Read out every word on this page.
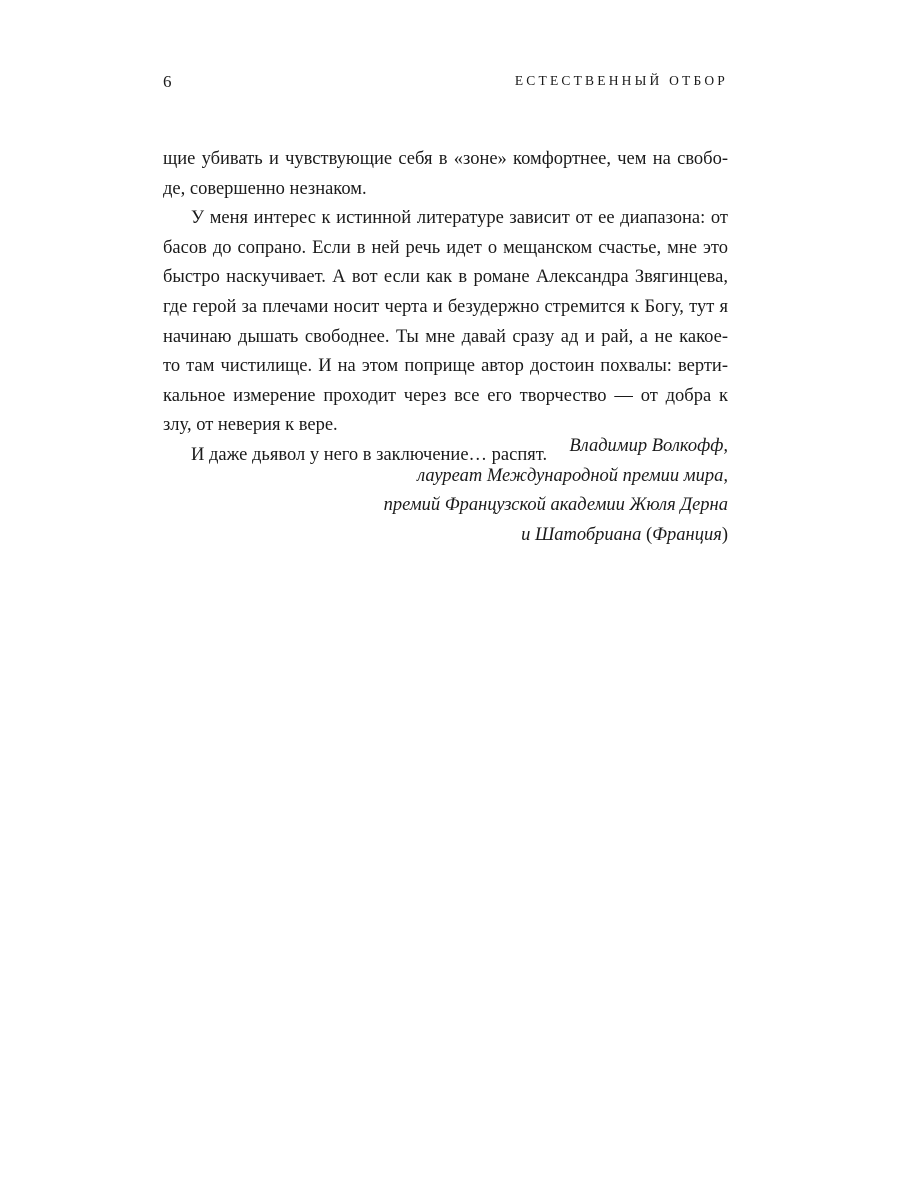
6	ЕСТЕСТВЕННЫЙ ОТБОР
щие убивать и чувствующие себя в «зоне» комфортнее, чем на свобо-
де, совершенно незнаком.
У меня интерес к истинной литературе зависит от ее диапазона: от
басов до сопрано. Если в ней речь идет о мещанском счастье, мне это
быстро наскучивает. А вот если как в романе Александра Звягинцева,
где герой за плечами носит черта и безудержно стремится к Богу, тут я
начинаю дышать свободнее. Ты мне давай сразу ад и рай, а не какое-
то там чистилище. И на этом поприще автор достоин похвалы: верти-
кальное измерение проходит через все его творчество — от добра к
злу, от неверия к вере.
И даже дьявол у него в заключение… распят.	Владимир Волкофф,
лауреат Международной премии мира,
премий Французской академии Жюля Дерна
и Шатобриана (Франция)
